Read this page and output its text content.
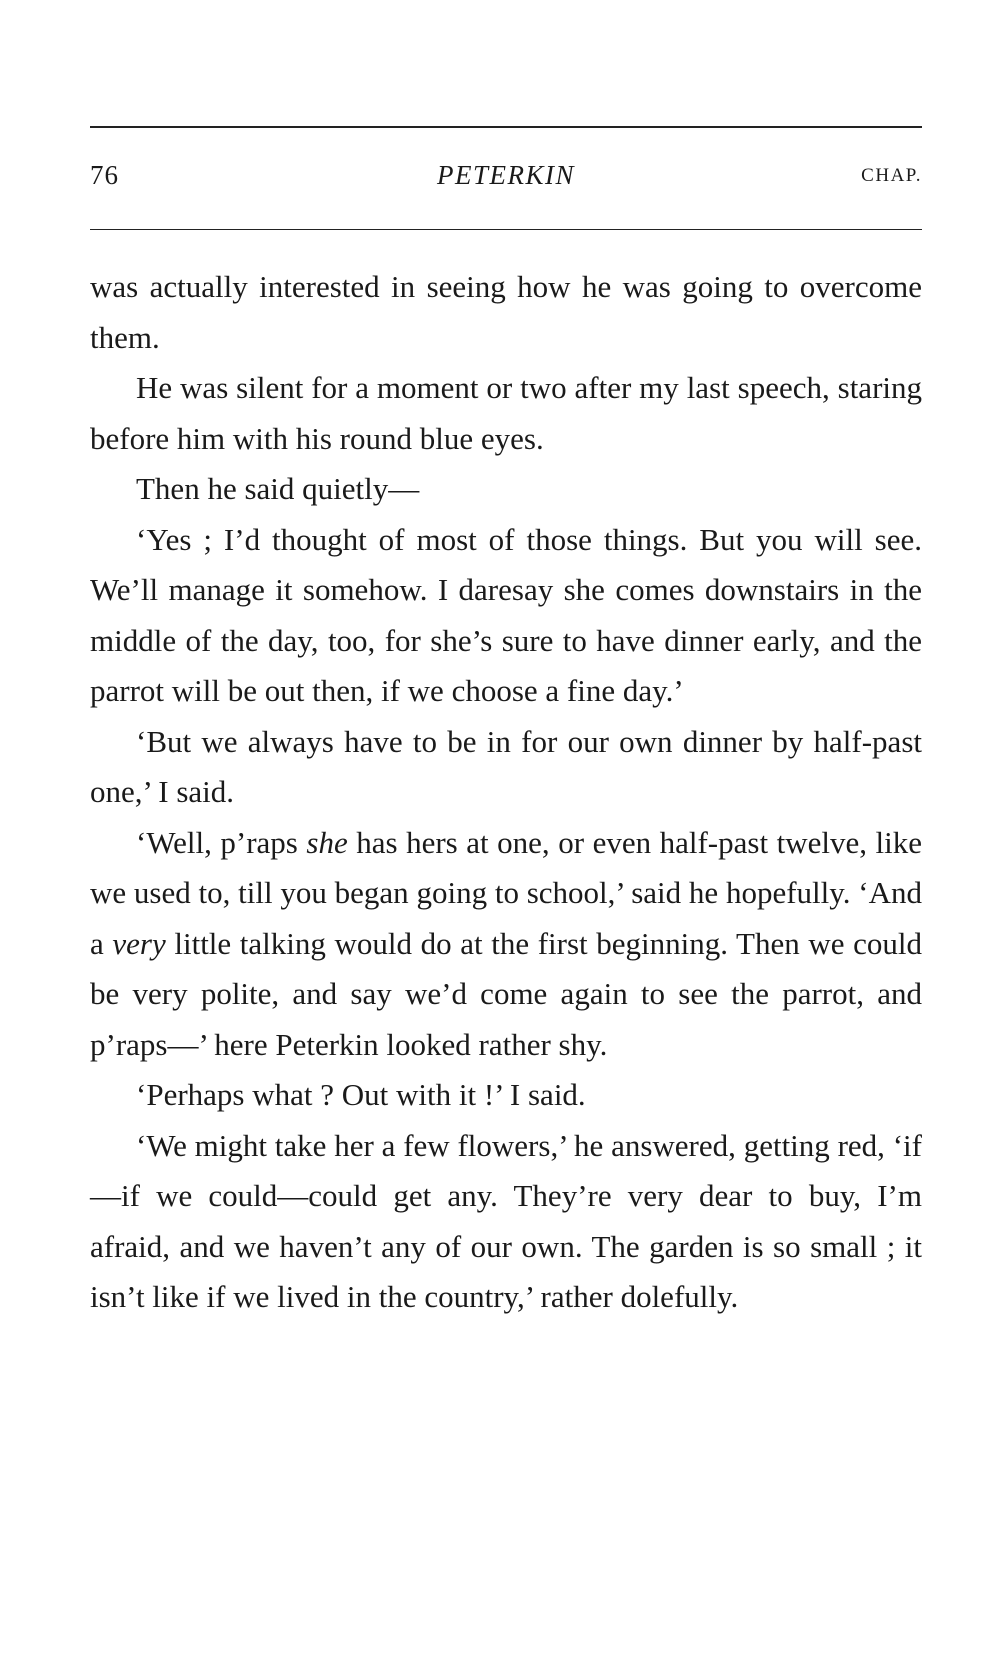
76	PETERKIN	CHAP.

was actually interested in seeing how he was going to overcome them.

He was silent for a moment or two after my last speech, staring before him with his round blue eyes.

Then he said quietly—

‘Yes ; I’d thought of most of those things. But you will see. We’ll manage it somehow. I daresay she comes downstairs in the middle of the day, too, for she’s sure to have dinner early, and the parrot will be out then, if we choose a fine day.’

‘But we always have to be in for our own dinner by half-past one,’ I said.

‘Well, p’raps she has hers at one, or even half-past twelve, like we used to, till you began going to school,’ said he hopefully. ‘And a very little talking would do at the first beginning. Then we could be very polite, and say we’d come again to see the parrot, and p’raps—’ here Peterkin looked rather shy.

‘Perhaps what ? Out with it !’ I said.

‘We might take her a few flowers,’ he answered, getting red, ‘if—if we could—could get any. They’re very dear to buy, I’m afraid, and we haven’t any of our own. The garden is so small ; it isn’t like if we lived in the country,’ rather dolefully.
